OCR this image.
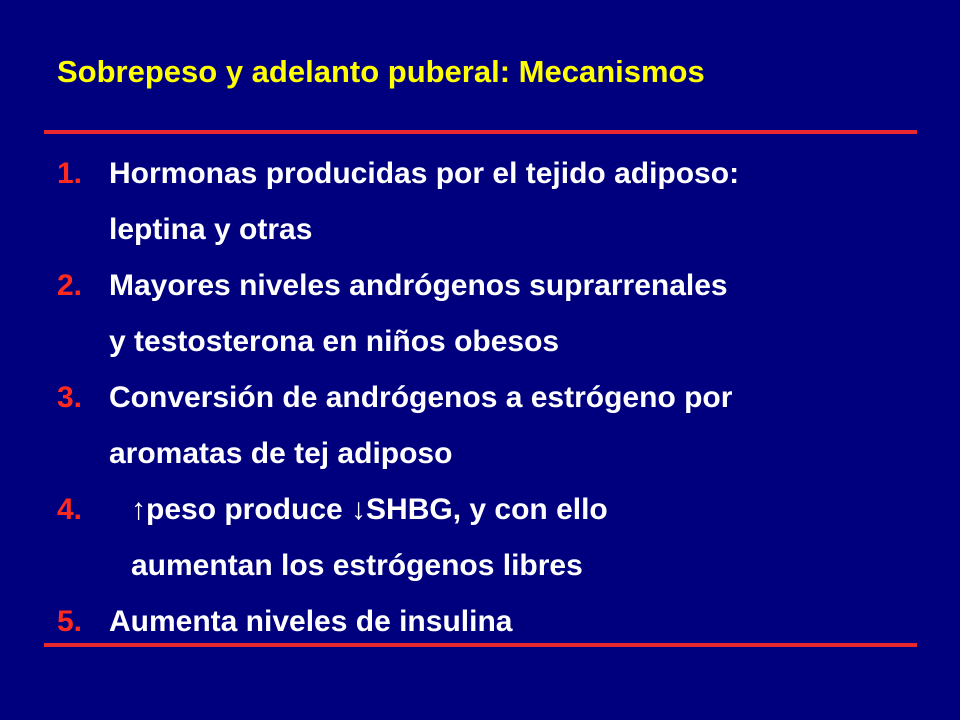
Sobrepeso y adelanto puberal: Mecanismos
1. Hormonas producidas por el tejido adiposo:
leptina y otras
2. Mayores niveles andrógenos suprarrenales
y testosterona en niños obesos
3. Conversión de andrógenos a estrógeno por
aromatas de tej adiposo
4. ↑peso produce ↓SHBG, y con ello
aumentan los estrógenos libres
5. Aumenta niveles de insulina
